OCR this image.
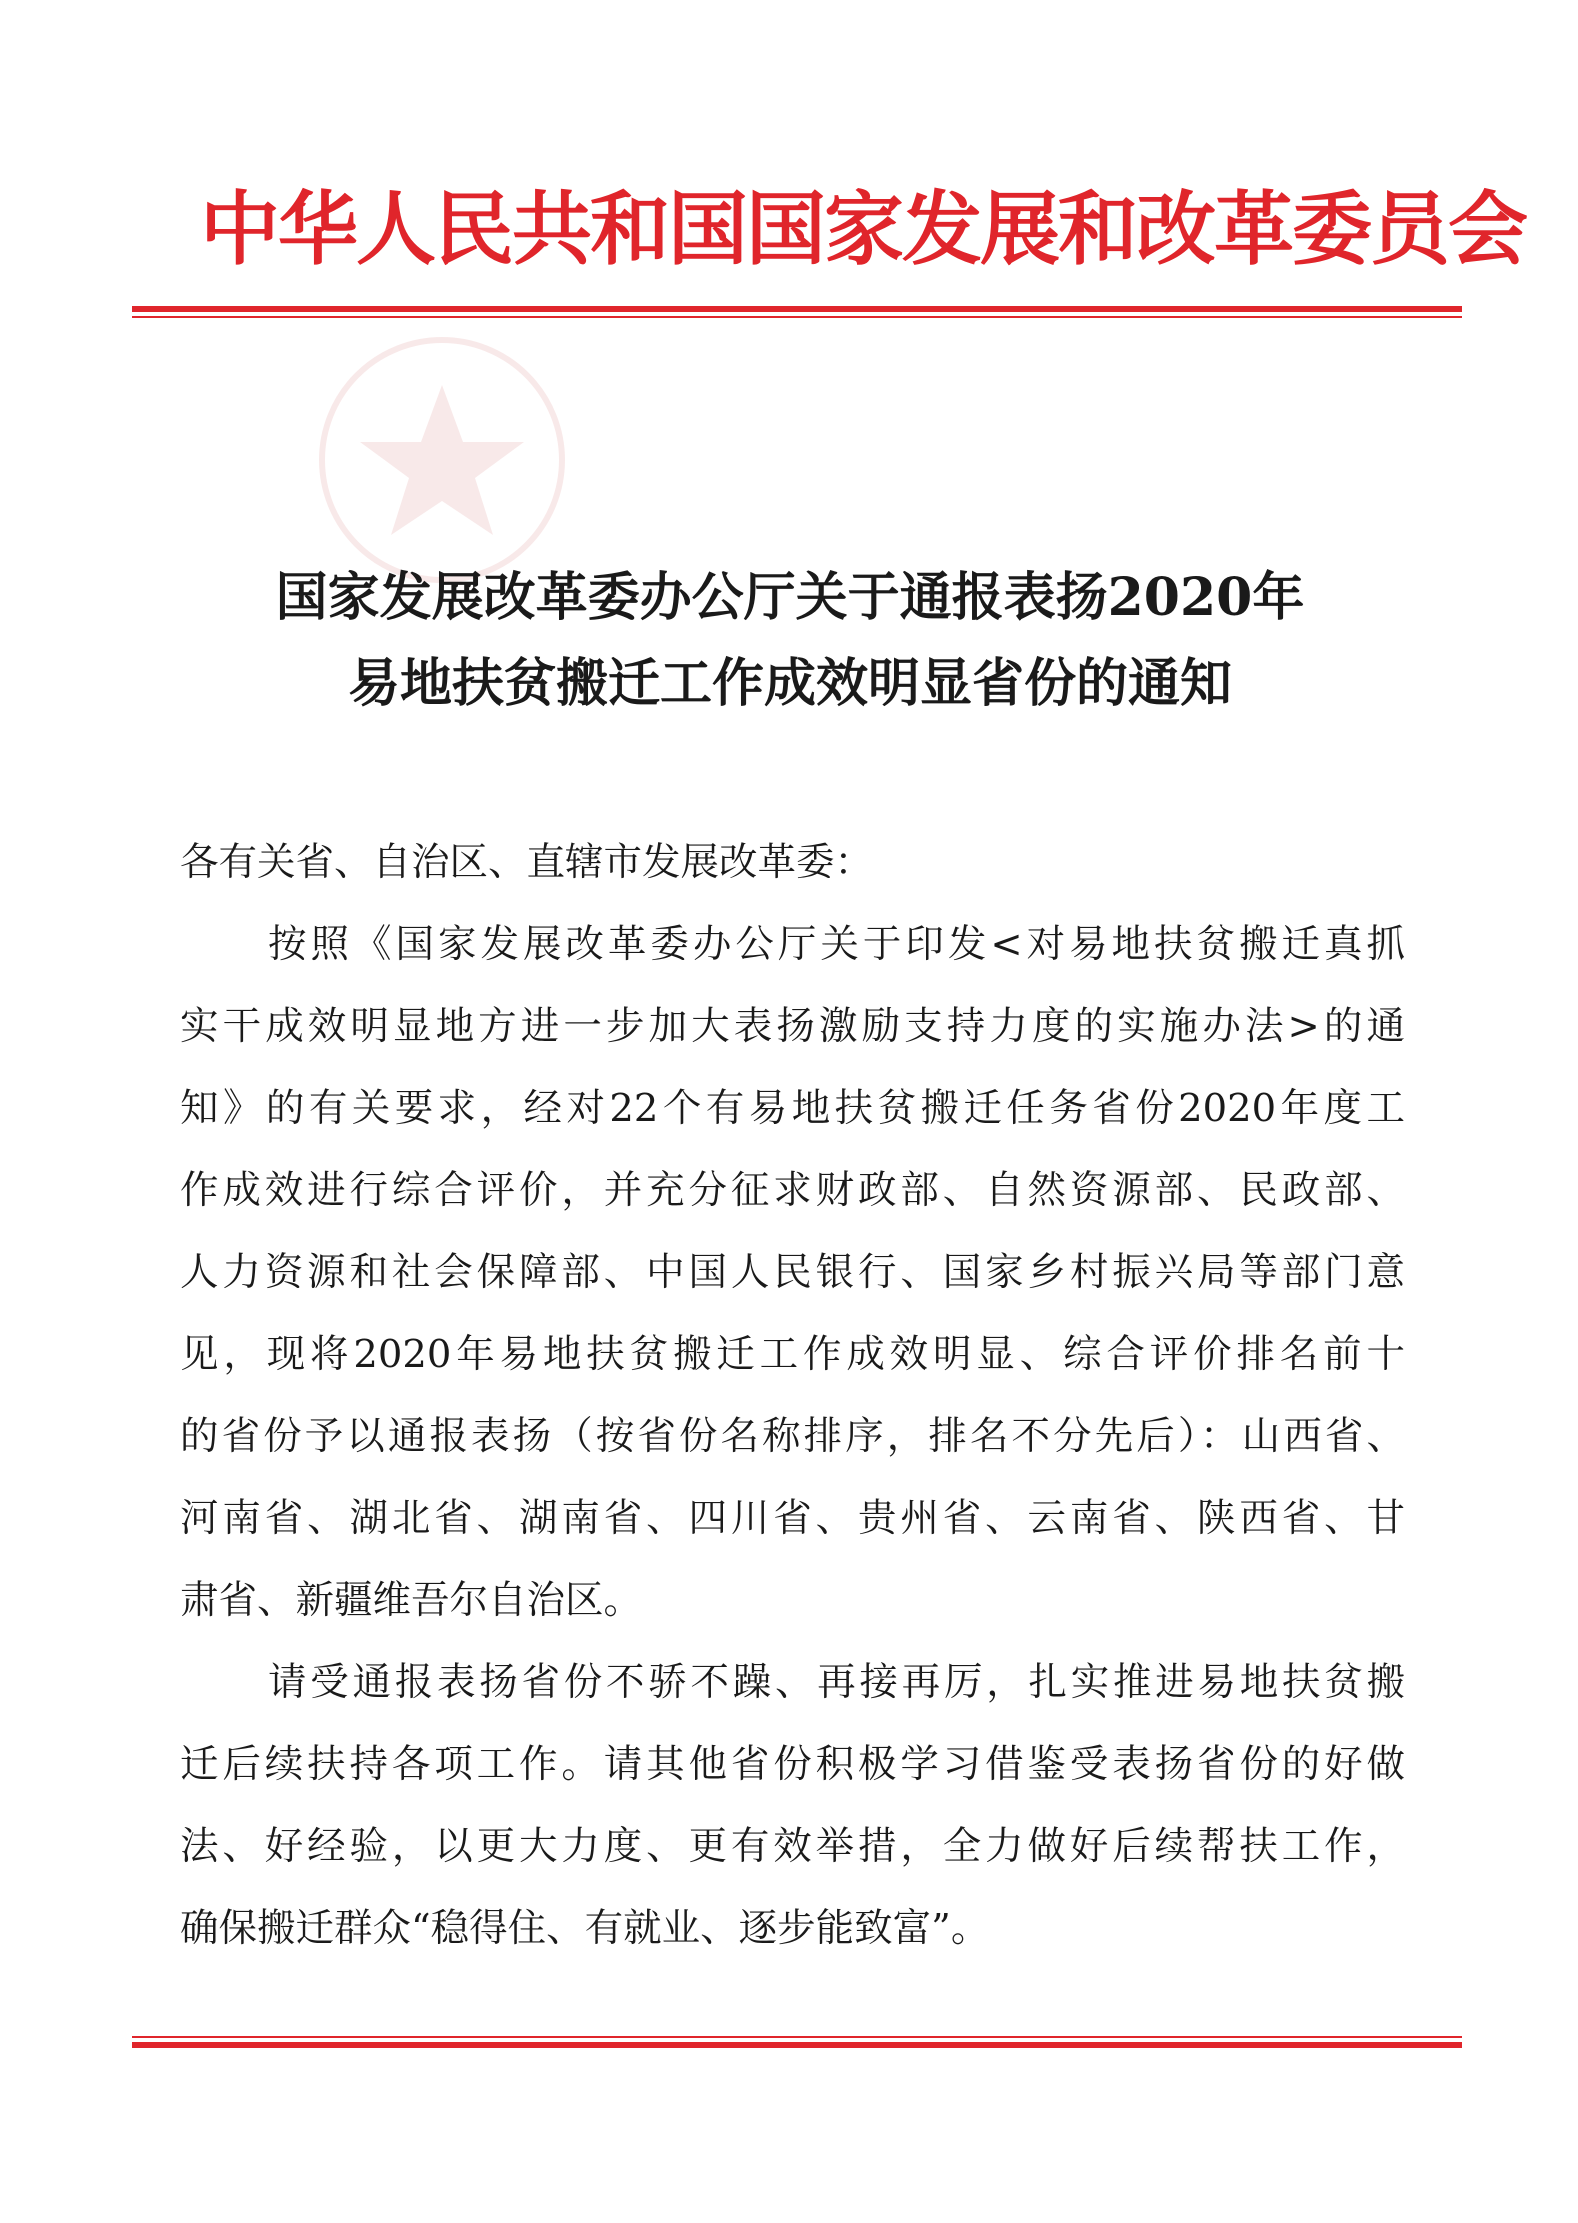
中华人民共和国国家发展和改革委员会
国家发展改革委办公厅关于通报表扬2020年
易地扶贫搬迁工作成效明显省份的通知
各有关省、自治区、直辖市发展改革委：
按照《国家发展改革委办公厅关于印发<对易地扶贫搬迁真抓
实干成效明显地方进一步加大表扬激励支持力度的实施办法>的通
知》的有关要求，经对22个有易地扶贫搬迁任务省份2020年度工
作成效进行综合评价，并充分征求财政部、自然资源部、民政部、
人力资源和社会保障部、中国人民银行、国家乡村振兴局等部门意
见，现将2020年易地扶贫搬迁工作成效明显、综合评价排名前十
的省份予以通报表扬（按省份名称排序，排名不分先后）：山西省、
河南省、湖北省、湖南省、四川省、贵州省、云南省、陕西省、甘
肃省、新疆维吾尔自治区。
请受通报表扬省份不骄不躁、再接再厉，扎实推进易地扶贫搬
迁后续扶持各项工作。请其他省份积极学习借鉴受表扬省份的好做
法、好经验，以更大力度、更有效举措，全力做好后续帮扶工作，
确保搬迁群众“稳得住、有就业、逐步能致富”。
